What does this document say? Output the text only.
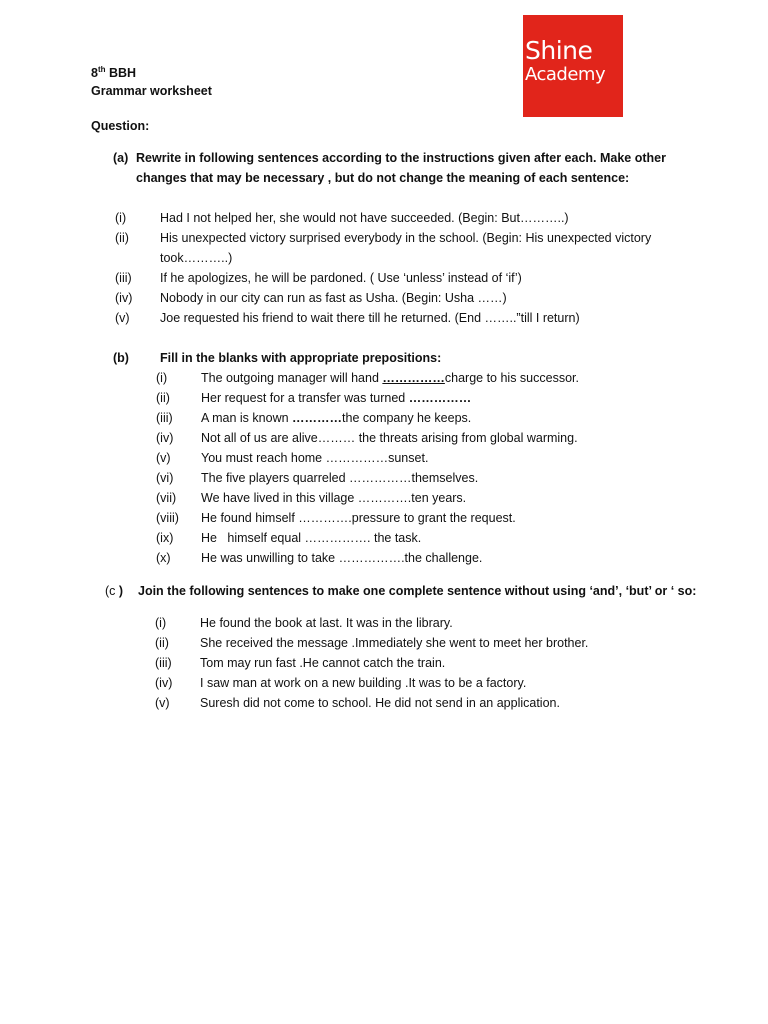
8th BBH
Grammar worksheet
Question:
Shine
Academy
(a) Rewrite in following sentences according to the instructions given after each. Make other
changes that may be necessary , but do not change the meaning of each sentence:
(i)	Had I not helped her, she would not have succeeded. (Begin: But………..)
(ii) His unexpected victory surprised everybody in the school. (Begin: His unexpected victory
took………..)
(iii) If he apologizes, he will be pardoned. ( Use ‘unless’ instead of ‘if’)
(iv) Nobody in our city can run as fast as Usha. (Begin: Usha ……)
(v) Joe requested his friend to wait there till he returned. (End ……..”till I return)
(b) Fill in the blanks with appropriate prepositions:
(i)	The outgoing manager will hand ……………charge to his successor.
(ii) Her request for a transfer was turned ……………
(iii) A man is known …………the company he keeps.
(iv) Not all of us are alive……… the threats arising from global warming.
(v) You must reach home ……………sunset.
(vi) The five players quarreled ……………themselves.
(vii) We have lived in this village ………….ten years.
(viii) He found himself ………….pressure to grant the request.
(ix) He   himself equal ……………. the task.
(x) He was unwilling to take …………….the challenge.
(c ) Join the following sentences to make one complete sentence without using ‘and’, ‘but’ or ‘ so:
(i)	He found the book at last. It was in the library.
(ii) She received the message .Immediately she went to meet her brother.
(iii) Tom may run fast .He cannot catch the train.
(iv) I saw man at work on a new building .It was to be a factory.
(v) Suresh did not come to school. He did not send in an application.
